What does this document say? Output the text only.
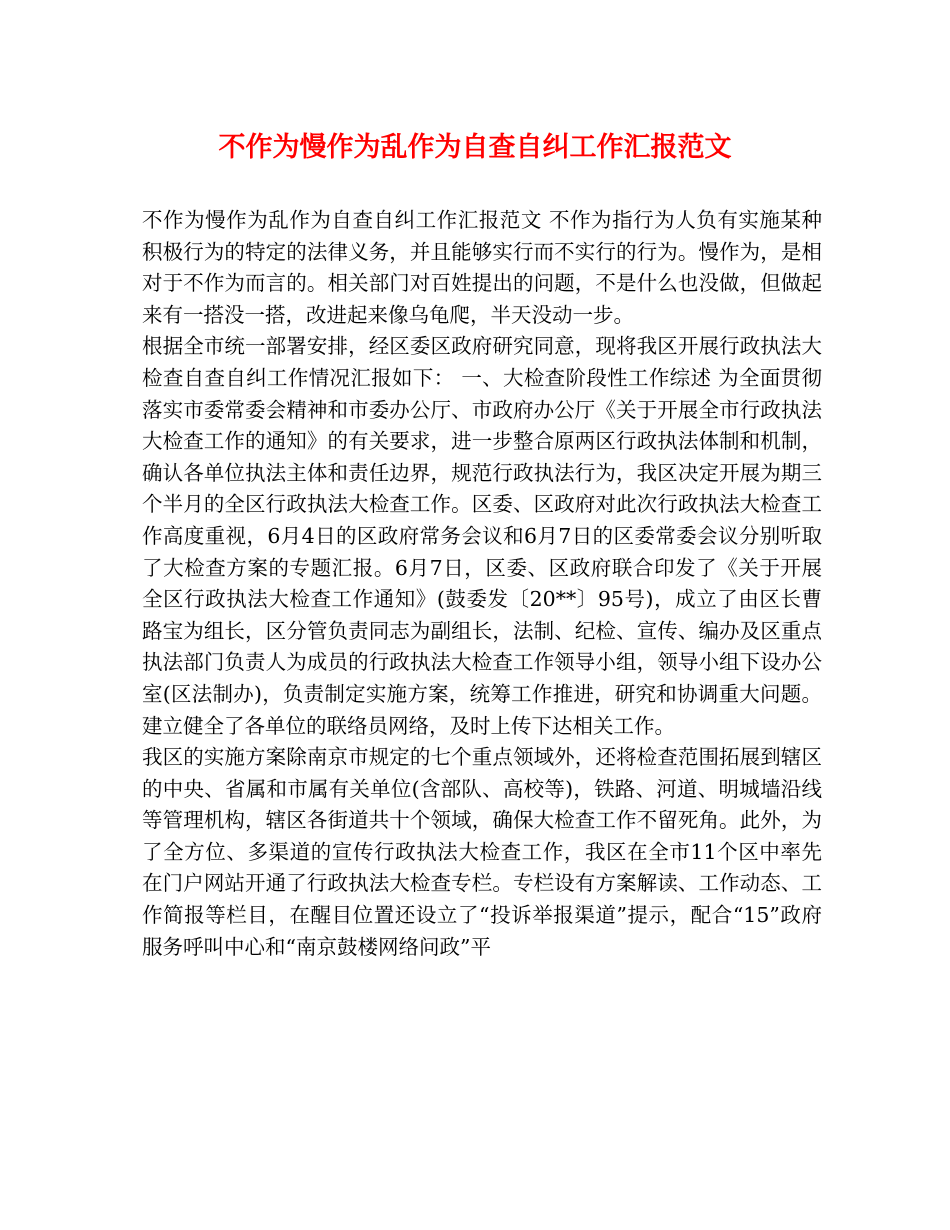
不作为慢作为乱作为自查自纠工作汇报范文

不作为慢作为乱作为自查自纠工作汇报范文 不作为指行为人负有实施某种积极行为的特定的法律义务，并且能够实行而不实行的行为。慢作为，是相对于不作为而言的。相关部门对百姓提出的问题，不是什么也没做，但做起来有一搭没一搭，改进起来像乌龟爬，半天没动一步。

根据全市统一部署安排，经区委区政府研究同意，现将我区开展行政执法大检查自查自纠工作情况汇报如下： 一、大检查阶段性工作综述 为全面贯彻落实市委常委会精神和市委办公厅、市政府办公厅《关于开展全市行政执法大检查工作的通知》的有关要求，进一步整合原两区行政执法体制和机制，确认各单位执法主体和责任边界，规范行政执法行为，我区决定开展为期三个半月的全区行政执法大检查工作。区委、区政府对此次行政执法大检查工作高度重视，6月4日的区政府常务会议和6月7日的区委常委会议分别听取了大检查方案的专题汇报。6月7日，区委、区政府联合印发了《关于开展全区行政执法大检查工作通知》(鼓委发〔20**〕95号)，成立了由区长曹路宝为组长，区分管负责同志为副组长，法制、纪检、宣传、编办及区重点执法部门负责人为成员的行政执法大检查工作领导小组，领导小组下设办公室(区法制办)，负责制定实施方案，统筹工作推进，研究和协调重大问题。建立健全了各单位的联络员网络，及时上传下达相关工作。

我区的实施方案除南京市规定的七个重点领域外，还将检查范围拓展到辖区的中央、省属和市属有关单位(含部队、高校等)，铁路、河道、明城墙沿线等管理机构，辖区各街道共十个领域，确保大检查工作不留死角。此外，为了全方位、多渠道的宣传行政执法大检查工作，我区在全市11个区中率先在门户网站开通了行政执法大检查专栏。专栏设有方案解读、工作动态、工作简报等栏目，在醒目位置还设立了“投诉举报渠道”提示，配合“15”政府服务呼叫中心和“南京鼓楼网络问政”平
